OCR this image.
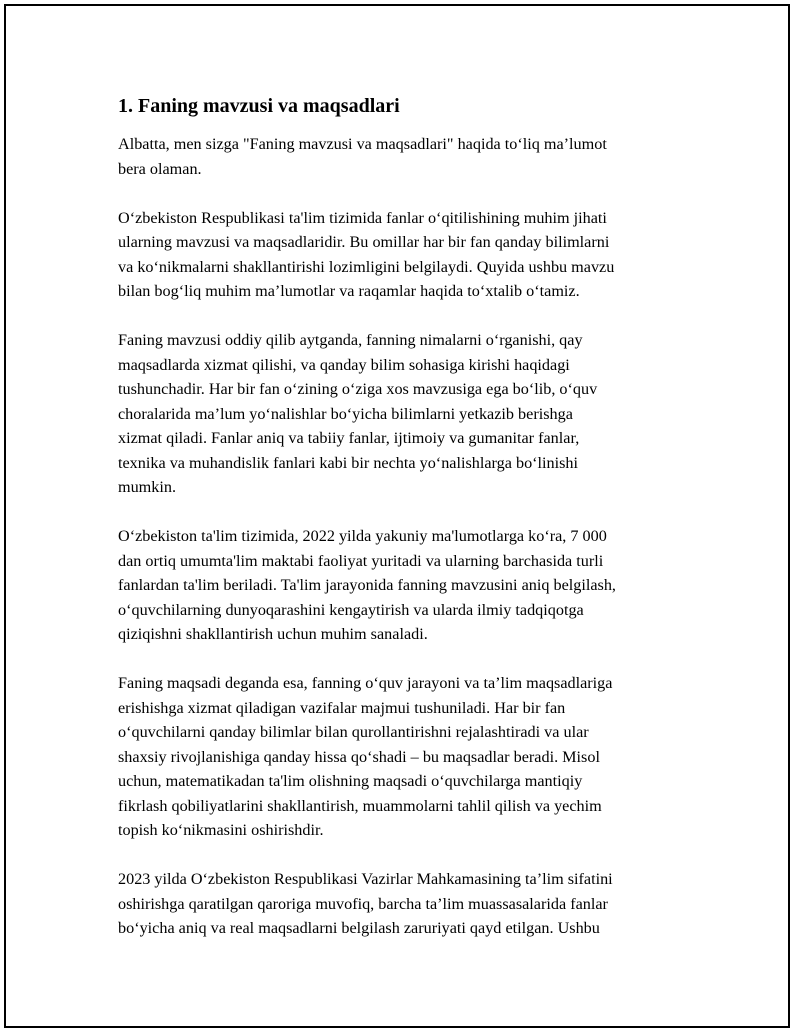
1. Faning mavzusi va maqsadlari

Albatta, men sizga "Faning mavzusi va maqsadlari" haqida to‘liq ma’lumot
bera olaman.

O‘zbekiston Respublikasi ta'lim tizimida fanlar o‘qitilishining muhim jihati
ularning mavzusi va maqsadlaridir. Bu omillar har bir fan qanday bilimlarni
va ko‘nikmalarni shakllantirishi lozimligini belgilaydi. Quyida ushbu mavzu
bilan bog‘liq muhim ma’lumotlar va raqamlar haqida to‘xtalib o‘tamiz.

Faning mavzusi oddiy qilib aytganda, fanning nimalarni o‘rganishi, qay
maqsadlarda xizmat qilishi, va qanday bilim sohasiga kirishi haqidagi
tushunchadir. Har bir fan o‘zining o‘ziga xos mavzusiga ega bo‘lib, o‘quv
choralarida ma’lum yo‘nalishlar bo‘yicha bilimlarni yetkazib berishga
xizmat qiladi. Fanlar aniq va tabiiy fanlar, ijtimoiy va gumanitar fanlar,
texnika va muhandislik fanlari kabi bir nechta yo‘nalishlarga bo‘linishi
mumkin.

O‘zbekiston ta'lim tizimida, 2022 yilda yakuniy ma'lumotlarga ko‘ra, 7 000
dan ortiq umumta'lim maktabi faoliyat yuritadi va ularning barchasida turli
fanlardan ta'lim beriladi. Ta'lim jarayonida fanning mavzusini aniq belgilash,
o‘quvchilarning dunyoqarashini kengaytirish va ularda ilmiy tadqiqotga
qiziqishni shakllantirish uchun muhim sanaladi.

Faning maqsadi deganda esa, fanning o‘quv jarayoni va ta’lim maqsadlariga
erishishga xizmat qiladigan vazifalar majmui tushuniladi. Har bir fan
o‘quvchilarni qanday bilimlar bilan qurollantirishni rejalashtiradi va ular
shaxsiy rivojlanishiga qanday hissa qo‘shadi – bu maqsadlar beradi. Misol
uchun, matematikadan ta'lim olishning maqsadi o‘quvchilarga mantiqiy
fikrlash qobiliyatlarini shakllantirish, muammolarni tahlil qilish va yechim
topish ko‘nikmasini oshirishdir.

2023 yilda O‘zbekiston Respublikasi Vazirlar Mahkamasining ta’lim sifatini
oshirishga qaratilgan qaroriga muvofiq, barcha ta’lim muassasalarida fanlar
bo‘yicha aniq va real maqsadlarni belgilash zaruriyati qayd etilgan. Ushbu
